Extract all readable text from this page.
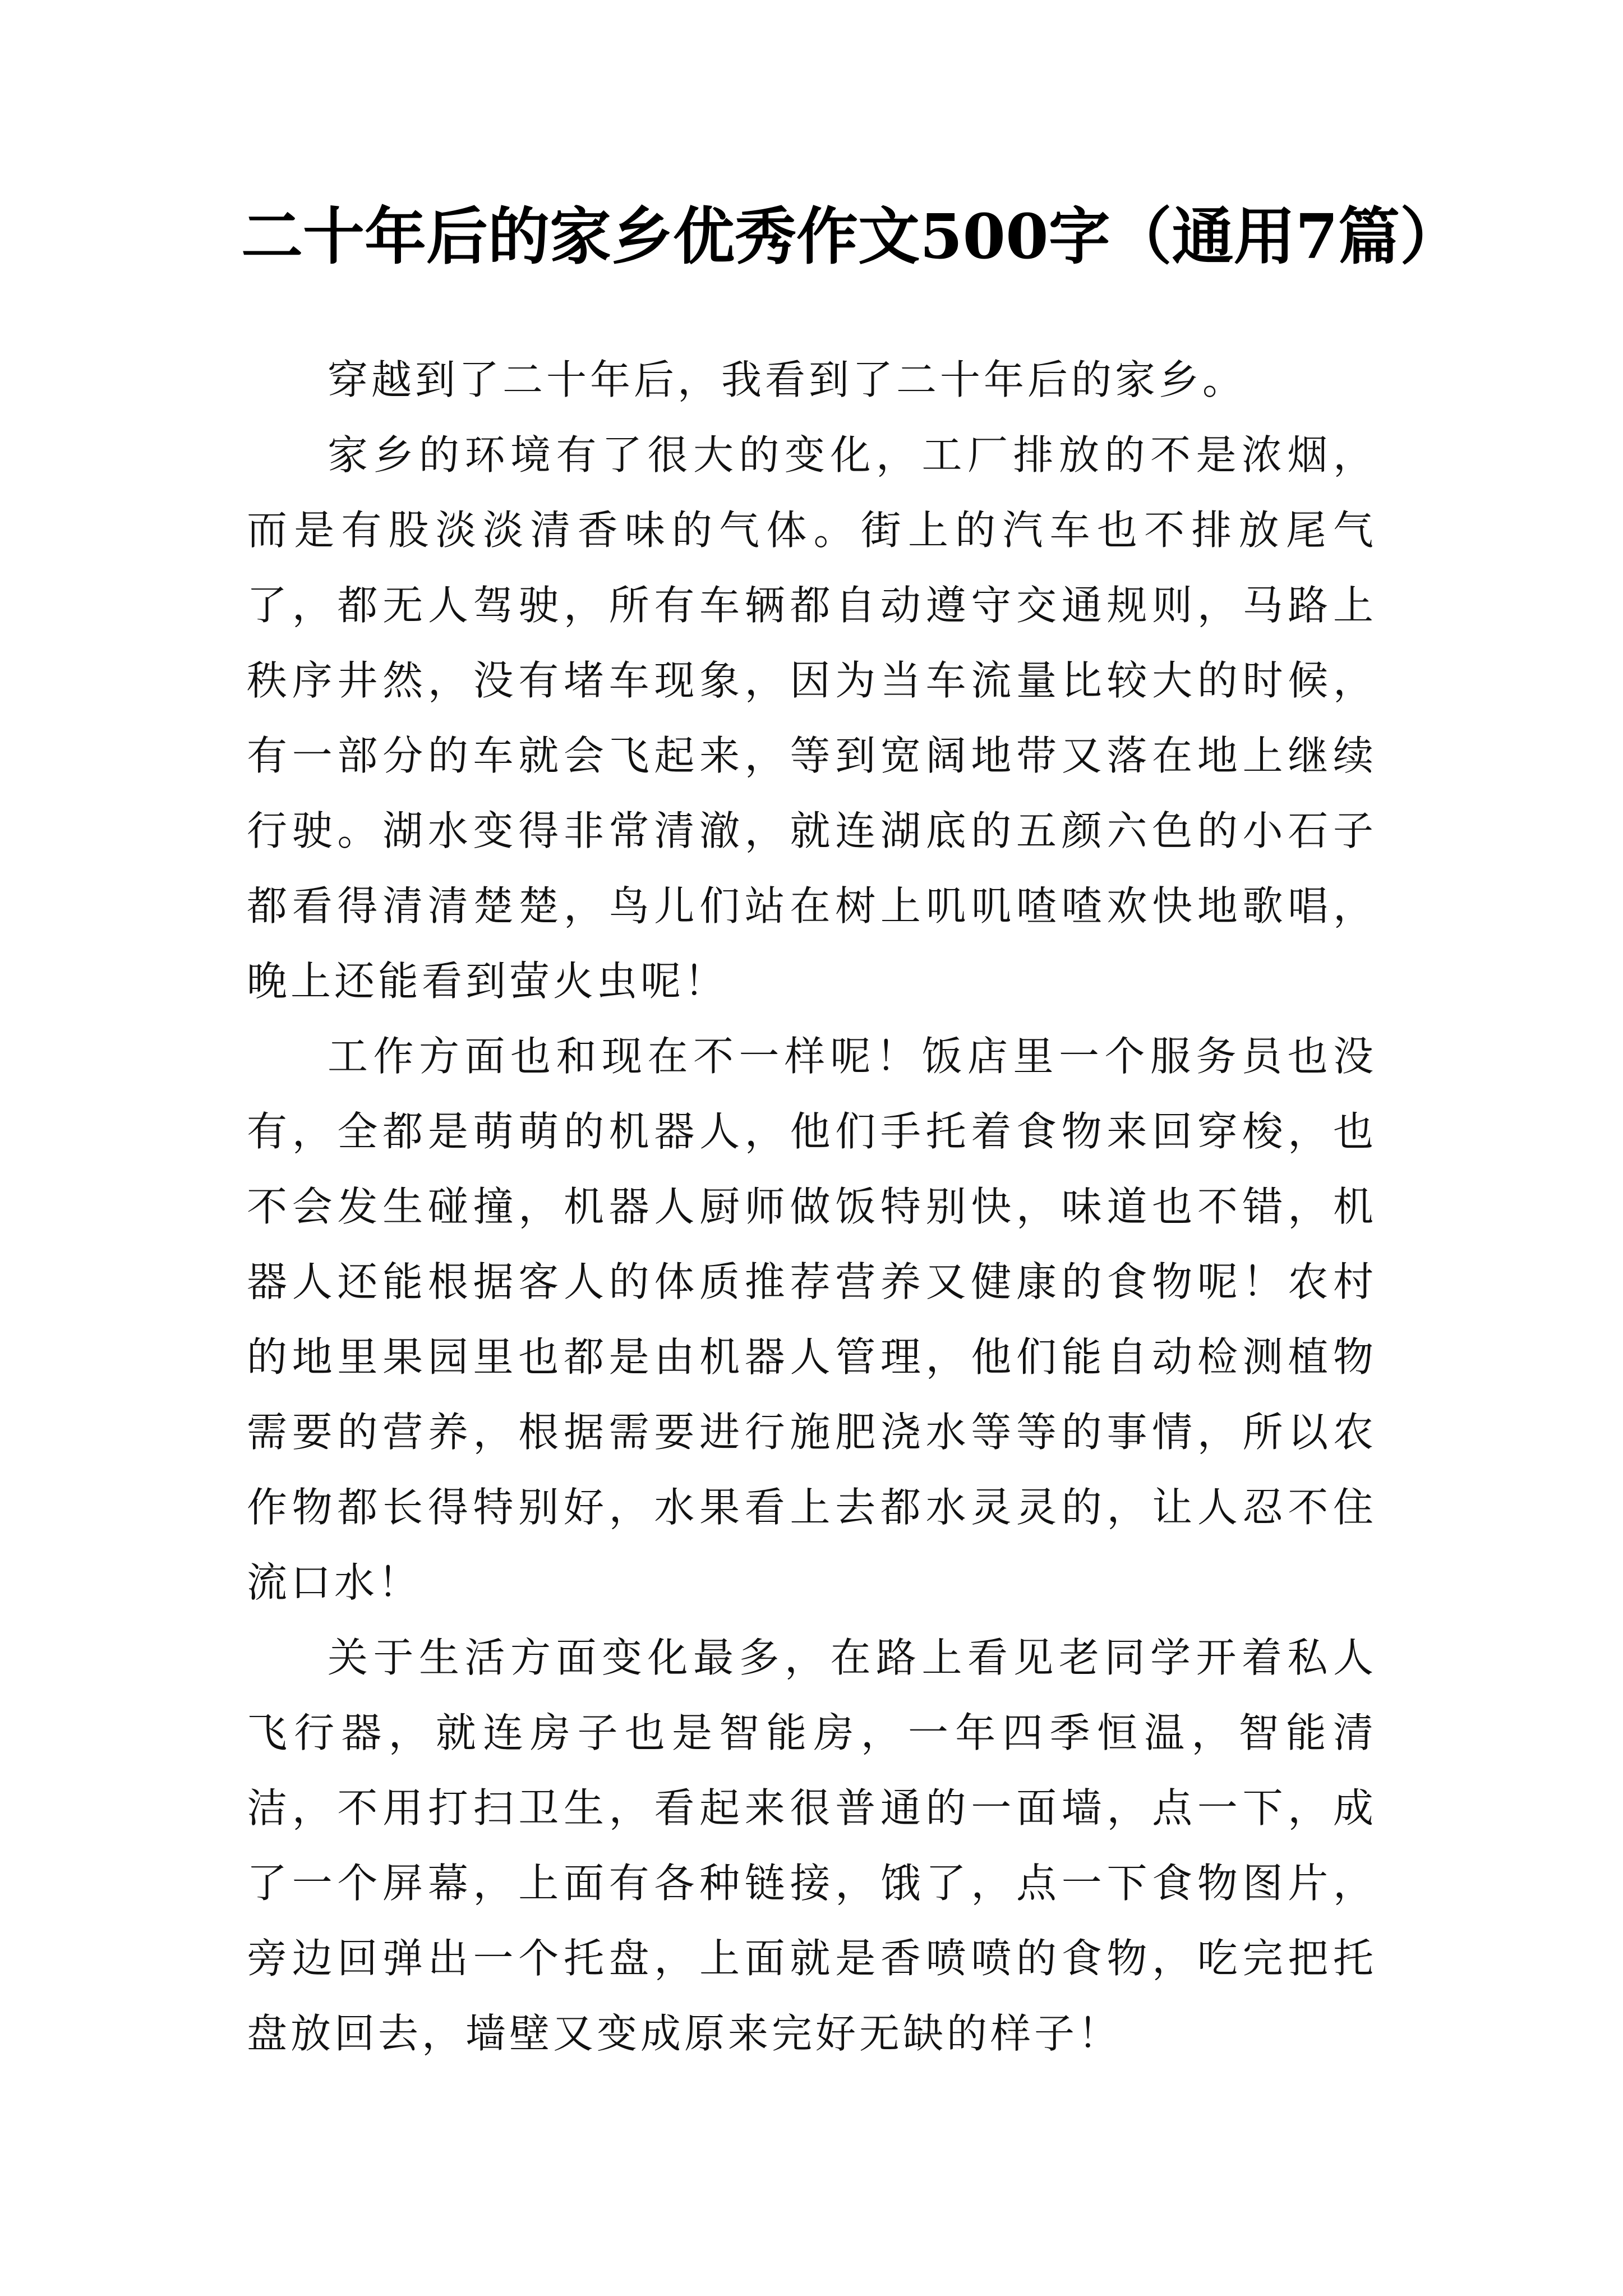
二十年后的家乡优秀作文500字（通用7篇）

穿越到了二十年后，我看到了二十年后的家乡。

家乡的环境有了很大的变化，工厂排放的不是浓烟，而是有股淡淡清香味的气体。街上的汽车也不排放尾气了，都无人驾驶，所有车辆都自动遵守交通规则，马路上秩序井然，没有堵车现象，因为当车流量比较大的时候，有一部分的车就会飞起来，等到宽阔地带又落在地上继续行驶。湖水变得非常清澈，就连湖底的五颜六色的小石子都看得清清楚楚，鸟儿们站在树上叽叽喳喳欢快地歌唱，晚上还能看到萤火虫呢！

工作方面也和现在不一样呢！饭店里一个服务员也没有，全都是萌萌的机器人，他们手托着食物来回穿梭，也不会发生碰撞，机器人厨师做饭特别快，味道也不错，机器人还能根据客人的体质推荐营养又健康的食物呢！农村的地里果园里也都是由机器人管理，他们能自动检测植物需要的营养，根据需要进行施肥浇水等等的事情，所以农作物都长得特别好，水果看上去都水灵灵的，让人忍不住流口水！

关于生活方面变化最多，在路上看见老同学开着私人飞行器，就连房子也是智能房，一年四季恒温，智能清洁，不用打扫卫生，看起来很普通的一面墙，点一下，成了一个屏幕，上面有各种链接，饿了，点一下食物图片，旁边回弹出一个托盘，上面就是香喷喷的食物，吃完把托盘放回去，墙壁又变成原来完好无缺的样子！
